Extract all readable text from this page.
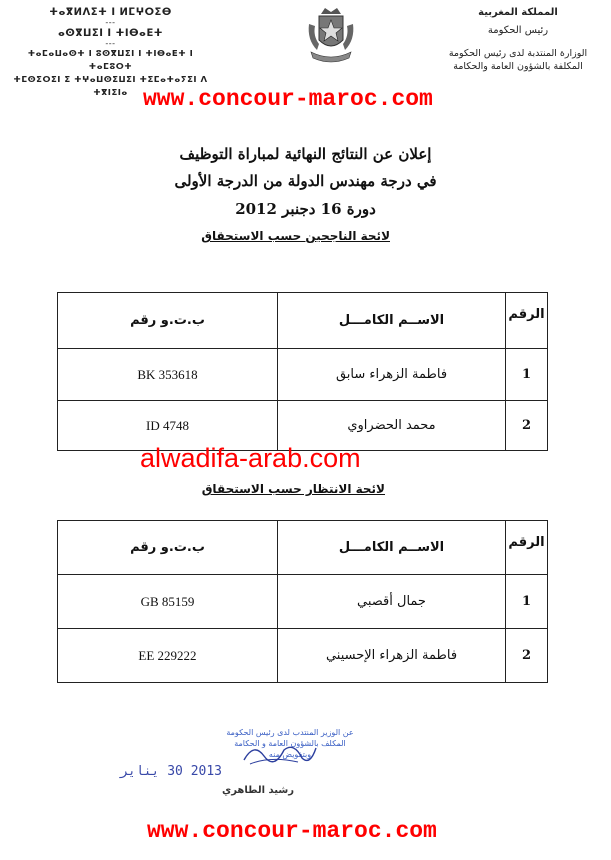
ⵜⴰⴳⵍⴷⵉⵜ ⵏ ⵍⵎⵖⵔⵉⴱ
---
ⴰⵙⴳⵡⵉⵏ ⵏ ⵜⵏⴱⴰⴹⵜ
---
ⵜⴰⵎⴰⵡⴰⵙⵜ ⵏ ⵓⵙⴳⵡⵉⵏ ⵏ ⵜⵏⴱⴰⴹⵜ ⵏ ⵜⴰⵎⵓⵔⵜ
ⵜⵎⵙⵉⵔⵉⵏ ⵉ ⵜⵖⴰⵡⵙⵉⵡⵉⵏ ⵜⵉⵎⴰⵜⴰⵢⵉⵏ ⴷ ⵜⴳⵏⵉⵏⴰ
المملكة المغربية
رئيس الحكومة
الوزارة المنتدبة لدى رئيس الحكومة
المكلفة بالشؤون العامة والحكامة
www.concour-maroc.com
إعلان عن النتائج النهائية لمباراة التوظيف
في درجة مهندس الدولة من الدرجة الأولى
دورة 16 دجنبر 2012
لائحة الناجحين حسب الاستحقاق
الرقم	الاســم الكامـــل	ب.ت.و رقم
1	فاطمة الزهراء سابق	BK 353618
2	محمد الحضراوي	ID 4748
alwadifa-arab.com
لائحة الانتظار حسب الاستحقاق
الرقم	الاســم الكامـــل	ب.ت.و رقم
1	جمال أقصبي	GB 85159
2	فاطمة الزهراء الإحسيني	EE 229222
عن الوزير المنتدب لدى رئيس الحكومة
المكلف بالشؤون العامة و الحكامة
وبتفويض منه
2013 30 يناير
رشيد الطاهري
www.concour-maroc.com
